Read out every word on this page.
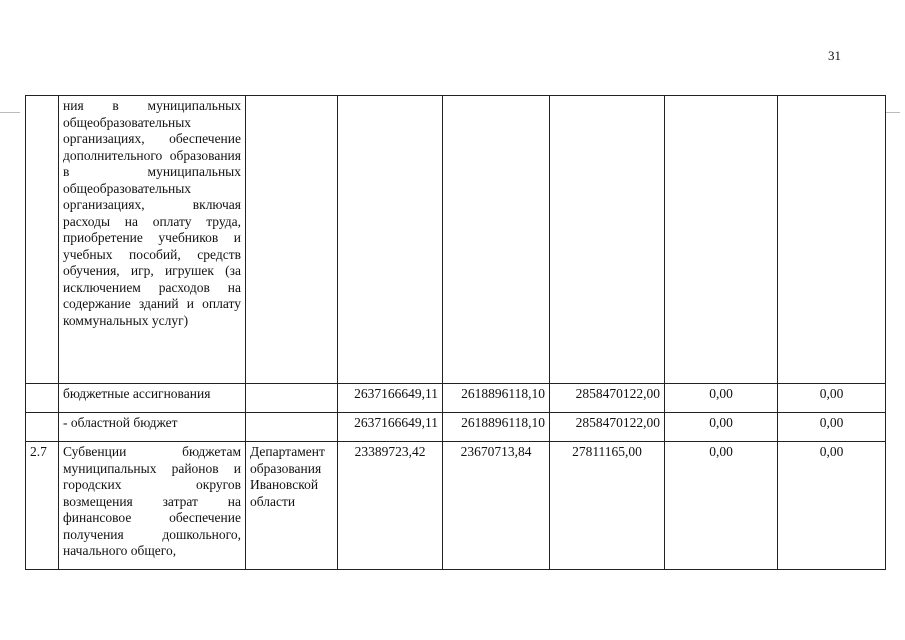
31
	ния в муниципальных общеобразовательных организациях, обеспечение дополнительного образования в муниципальных общеобразовательных организациях, включая расходы на оплату труда, приобретение учебников и учебных пособий, средств обучения, игр, игрушек (за исключением расходов на содержание зданий и оплату коммунальных услуг)						
	бюджетные ассигнования		2637166649,11	2618896118,10	2858470122,00	0,00	0,00
	- областной бюджет		2637166649,11	2618896118,10	2858470122,00	0,00	0,00
2.7	Субвенции бюджетам муниципальных районов и городских округов возмещения затрат на финансовое обеспечение получения дошкольного, начального общего,	Департамент образования Ивановской области	23389723,42	23670713,84	27811165,00	0,00	0,00
